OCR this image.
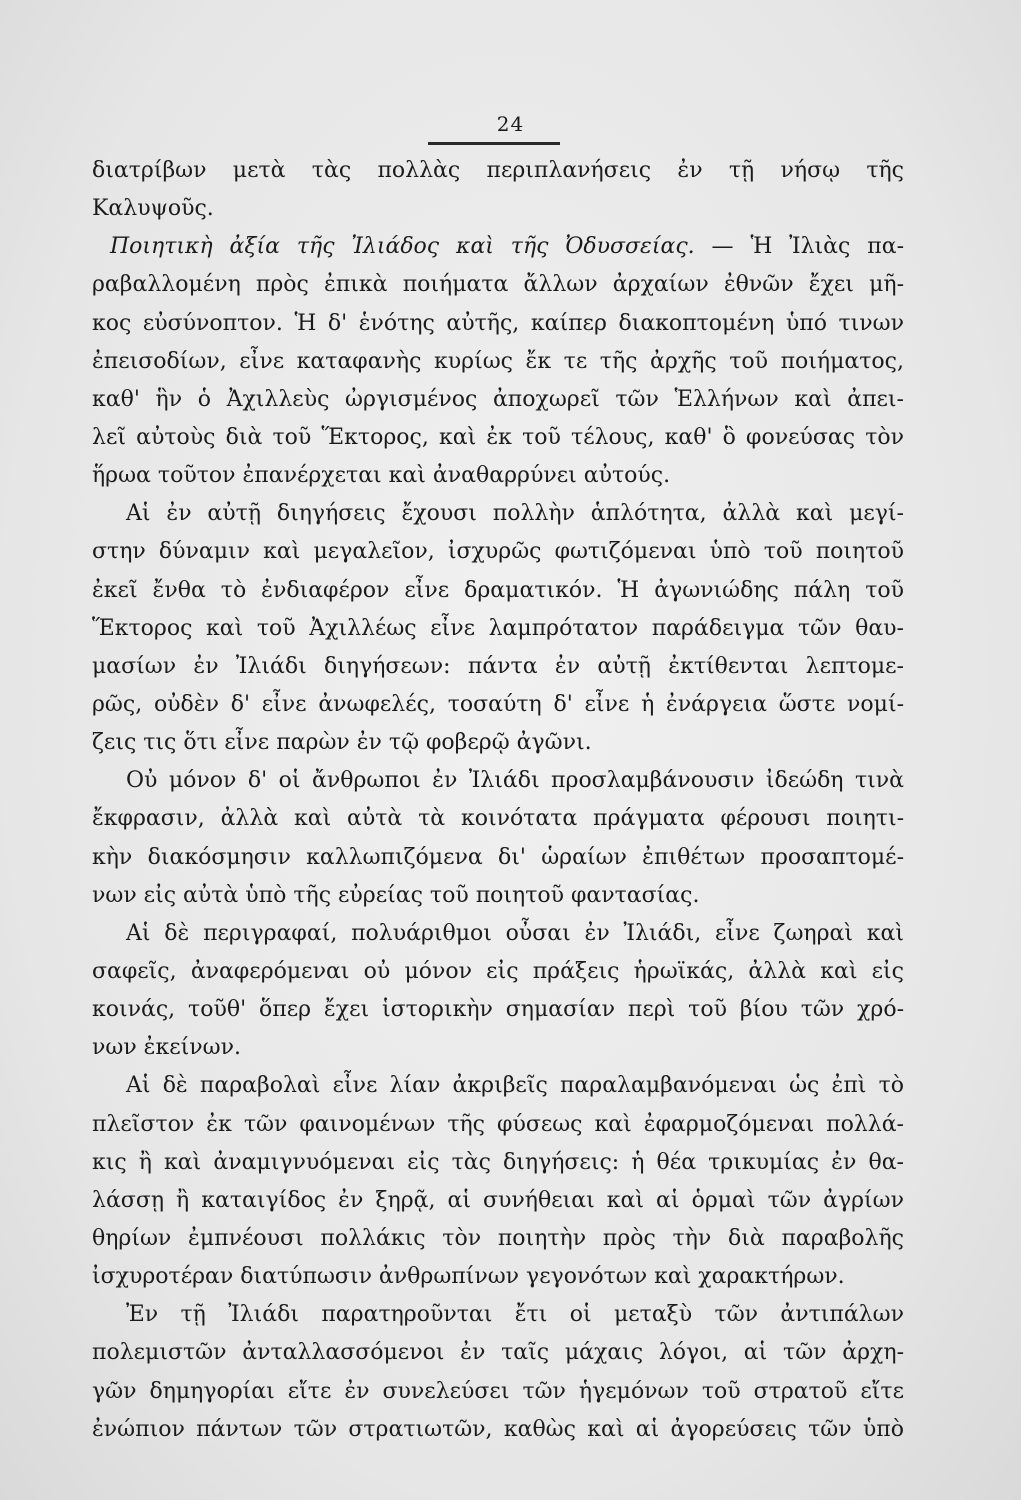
24
διατρίβων μετὰ τὰς πολλὰς περιπλανήσεις ἐν τῇ νήσῳ τῆς
Καλυψοῦς.
Ποιητικὴ ἀξία τῆς Ἰλιάδος καὶ τῆς Ὀδυσσείας. — Ἡ Ἰλιὰς πα-
ραβαλλομένη πρὸς ἐπικὰ ποιήματα ἄλλων ἀρχαίων ἐθνῶν ἔχει μῆ-
κος εὐσύνοπτον. Ἡ δ' ἑνότης αὐτῆς, καίπερ διακοπτομένη ὑπό τινων
ἐπεισοδίων, εἶνε καταφανὴς κυρίως ἔκ τε τῆς ἀρχῆς τοῦ ποιήματος,
καθ' ἣν ὁ Ἀχιλλεὺς ὠργισμένος ἀποχωρεῖ τῶν Ἑλλήνων καὶ ἀπει-
λεῖ αὐτοὺς διὰ τοῦ Ἕκτορος, καὶ ἐκ τοῦ τέλους, καθ' ὃ φονεύσας τὸν
ἥρωα τοῦτον ἐπανέρχεται καὶ ἀναθαρρύνει αὐτούς.
Αἱ ἐν αὐτῇ διηγήσεις ἔχουσι πολλὴν ἁπλότητα, ἀλλὰ καὶ μεγί-
στην δύναμιν καὶ μεγαλεῖον, ἰσχυρῶς φωτιζόμεναι ὑπὸ τοῦ ποιητοῦ
ἐκεῖ ἔνθα τὸ ἐνδιαφέρον εἶνε δραματικόν. Ἡ ἀγωνιώδης πάλη τοῦ
Ἕκτορος καὶ τοῦ Ἀχιλλέως εἶνε λαμπρότατον παράδειγμα τῶν θαυ-
μασίων ἐν Ἰλιάδι διηγήσεων: πάντα ἐν αὐτῇ ἐκτίθενται λεπτομε-
ρῶς, οὐδὲν δ' εἶνε ἀνωφελές, τοσαύτη δ' εἶνε ἡ ἐνάργεια ὥστε νομί-
ζεις τις ὅτι εἶνε παρὼν ἐν τῷ φοβερῷ ἀγῶνι.
Οὐ μόνον δ' οἱ ἄνθρωποι ἐν Ἰλιάδι προσλαμβάνουσιν ἰδεώδη τινὰ
ἔκφρασιν, ἀλλὰ καὶ αὐτὰ τὰ κοινότατα πράγματα φέρουσι ποιητι-
κὴν διακόσμησιν καλλωπιζόμενα δι' ὡραίων ἐπιθέτων προσαπτομέ-
νων εἰς αὐτὰ ὑπὸ τῆς εὐρείας τοῦ ποιητοῦ φαντασίας.
Αἱ δὲ περιγραφαί, πολυάριθμοι οὖσαι ἐν Ἰλιάδι, εἶνε ζωηραὶ καὶ
σαφεῖς, ἀναφερόμεναι οὐ μόνον εἰς πράξεις ἡρωϊκάς, ἀλλὰ καὶ εἰς
κοινάς, τοῦθ' ὅπερ ἔχει ἱστορικὴν σημασίαν περὶ τοῦ βίου τῶν χρό-
νων ἐκείνων.
Αἱ δὲ παραβολαὶ εἶνε λίαν ἀκριβεῖς παραλαμβανόμεναι ὡς ἐπὶ τὸ
πλεῖστον ἐκ τῶν φαινομένων τῆς φύσεως καὶ ἐφαρμοζόμεναι πολλά-
κις ἢ καὶ ἀναμιγνυόμεναι εἰς τὰς διηγήσεις: ἡ θέα τρικυμίας ἐν θα-
λάσσῃ ἢ καταιγίδος ἐν ξηρᾷ, αἱ συνήθειαι καὶ αἱ ὁρμαὶ τῶν ἀγρίων
θηρίων ἐμπνέουσι πολλάκις τὸν ποιητὴν πρὸς τὴν διὰ παραβολῆς
ἰσχυροτέραν διατύπωσιν ἀνθρωπίνων γεγονότων καὶ χαρακτήρων.
Ἐν τῇ Ἰλιάδι παρατηροῦνται ἔτι οἱ μεταξὺ τῶν ἀντιπάλων
πολεμιστῶν ἀνταλλασσόμενοι ἐν ταῖς μάχαις λόγοι, αἱ τῶν ἀρχη-
γῶν δημηγορίαι εἴτε ἐν συνελεύσει τῶν ἡγεμόνων τοῦ στρατοῦ εἴτε
ἐνώπιον πάντων τῶν στρατιωτῶν, καθὼς καὶ αἱ ἀγορεύσεις τῶν ὑπὸ
